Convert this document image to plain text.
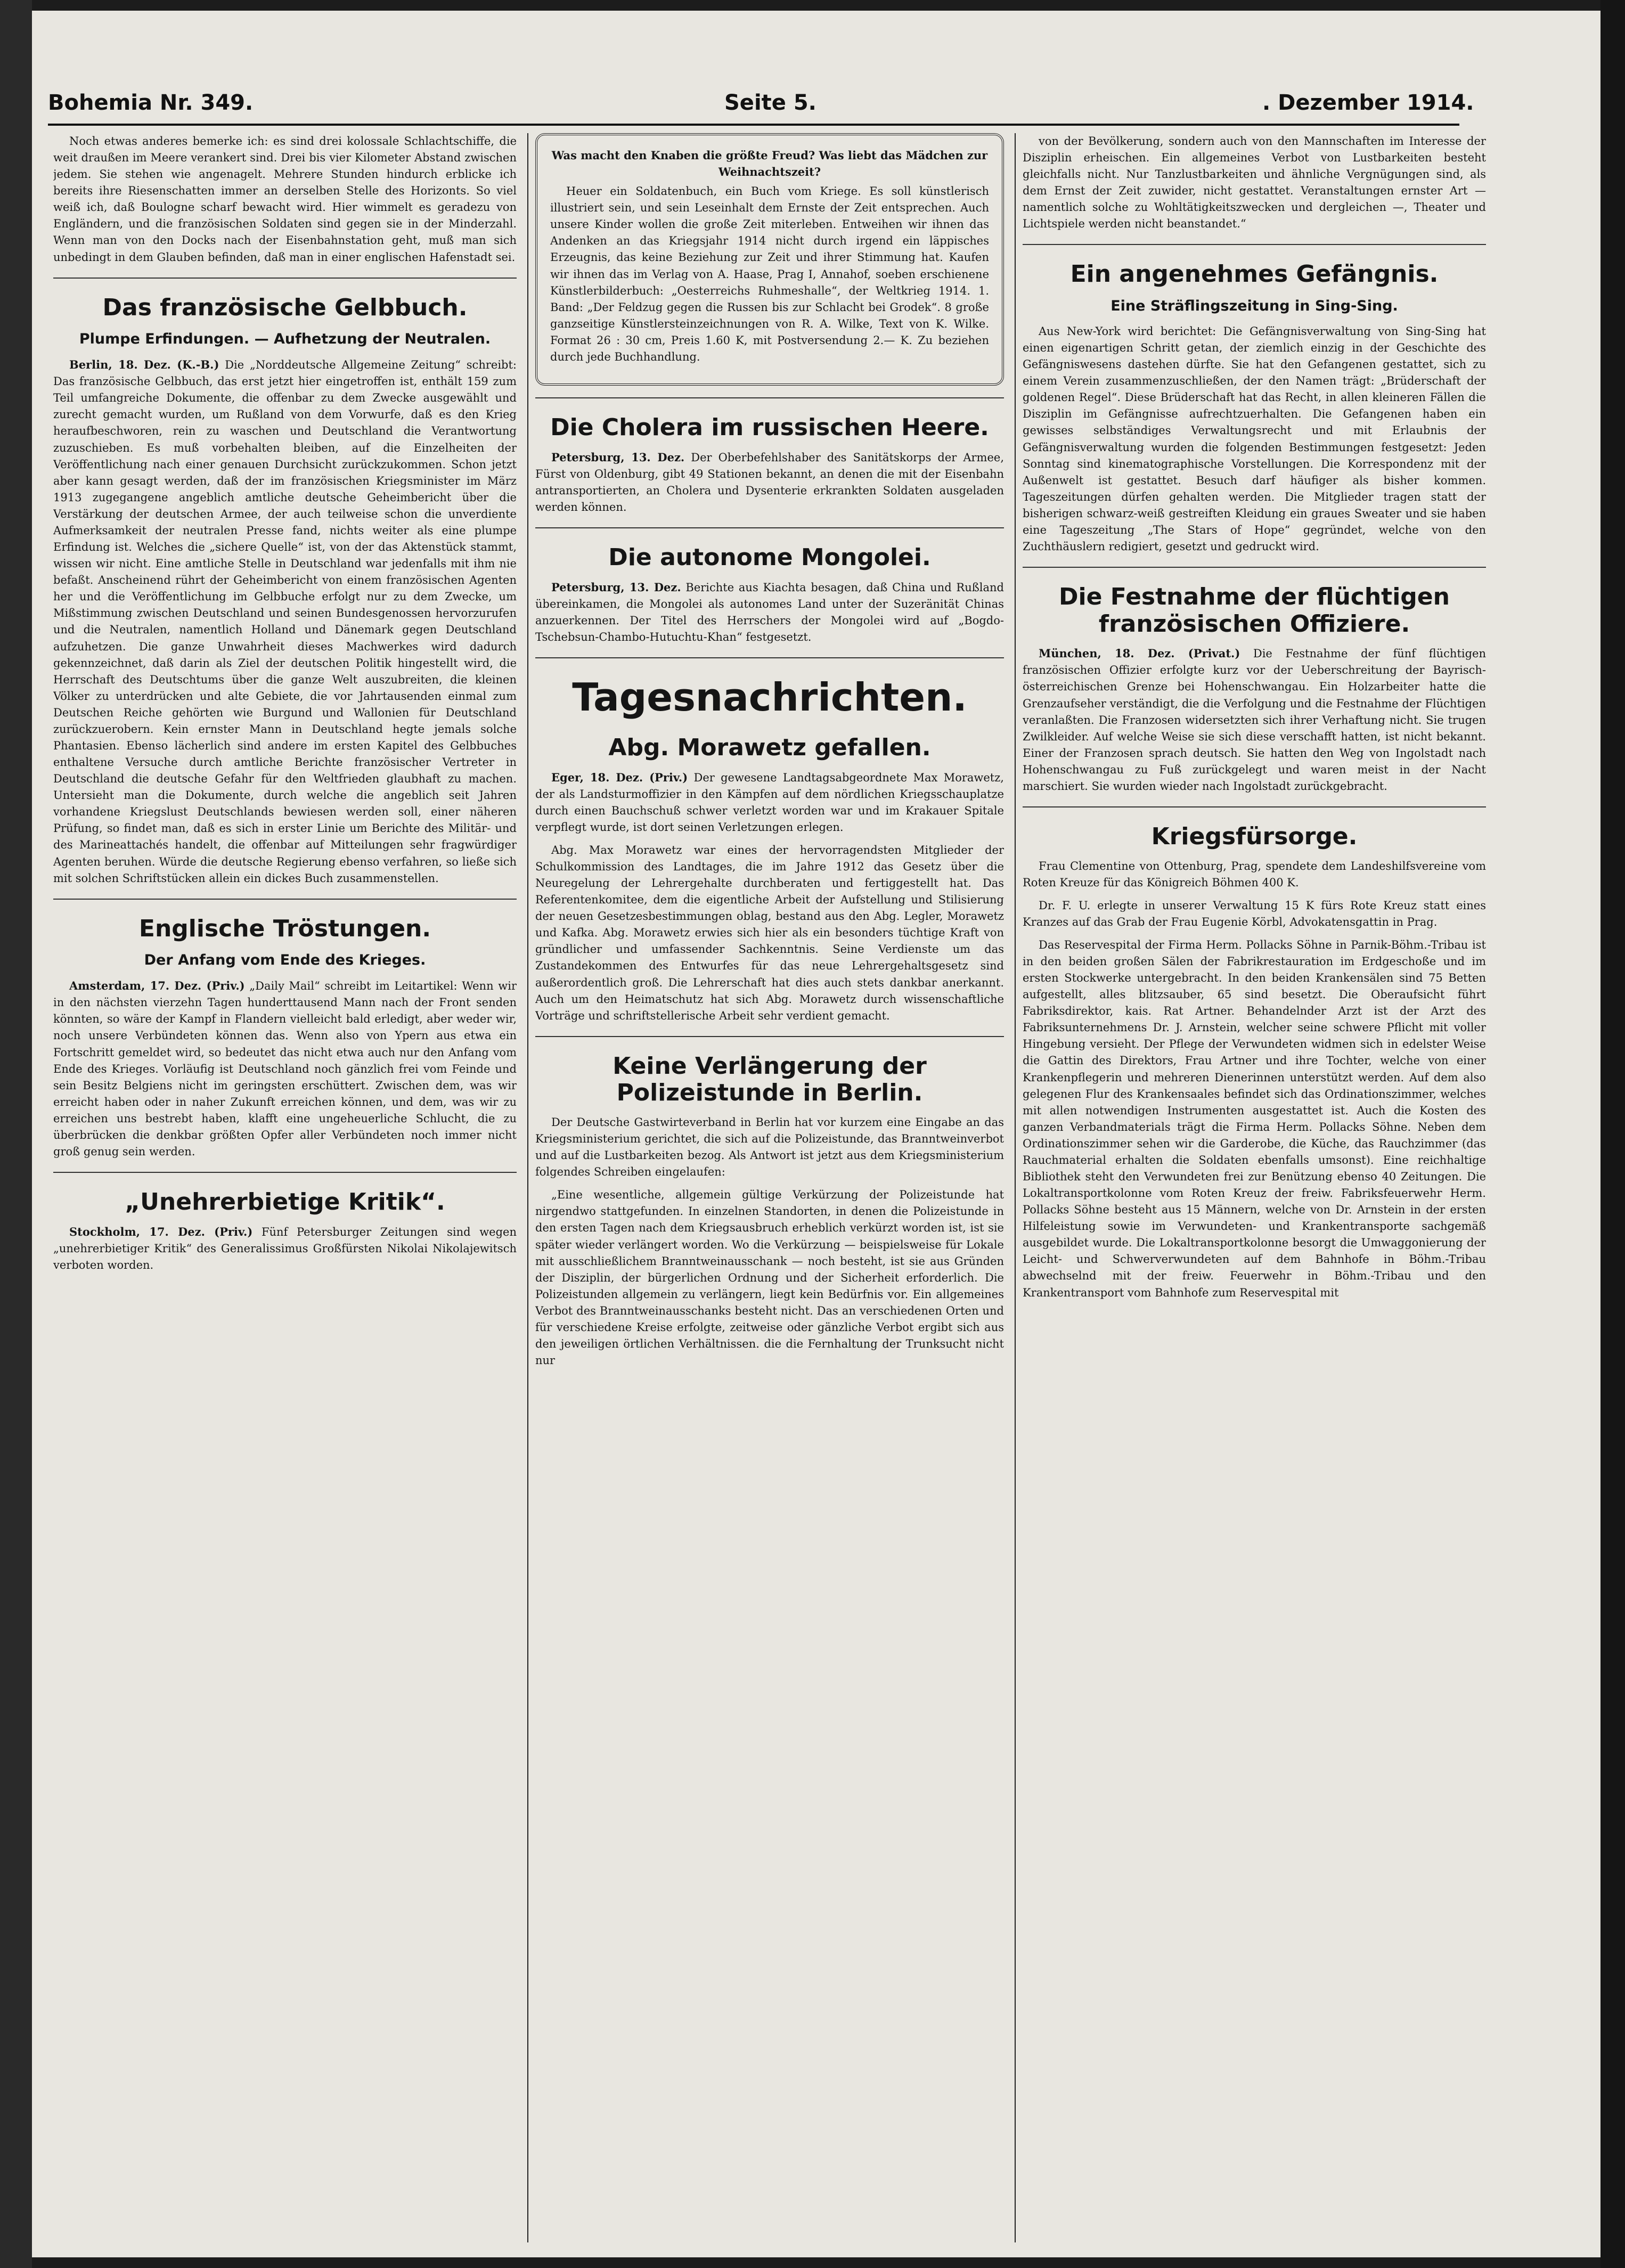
Bohemia Nr. 349.	Seite 5.	. Dezember 1914.

Noch etwas anderes bemerke ich: es sind drei kolossale Schlachtschiffe, die weit draußen im Meere verankert sind. Drei bis vier Kilometer Abstand zwischen jedem. Sie stehen wie angenagelt. Mehrere Stunden hindurch erblicke ich bereits ihre Riesenschatten immer an derselben Stelle des Horizonts. So viel weiß ich, daß Boulogne scharf bewacht wird. Hier wimmelt es geradezu von Engländern, und die französischen Soldaten sind gegen sie in der Minderzahl. Wenn man von den Docks nach der Eisenbahnstation geht, muß man sich unbedingt in dem Glauben befinden, daß man in einer englischen Hafenstadt sei.

Das französische Gelbbuch.
Plumpe Erfindungen. — Aufhetzung der Neutralen.

Berlin, 18. Dez. (K.-B.) Die „Norddeutsche Allgemeine Zeitung“ schreibt: Das französische Gelbbuch, das erst jetzt hier eingetroffen ist, enthält 159 zum Teil umfangreiche Dokumente, die offenbar zu dem Zwecke ausgewählt und zurecht gemacht wurden, um Rußland von dem Vorwurfe, daß es den Krieg heraufbeschworen, rein zu waschen und Deutschland die Verantwortung zuzuschieben. Es muß vorbehalten bleiben, auf die Einzelheiten der Veröffentlichung nach einer genauen Durchsicht zurückzukommen. Schon jetzt aber kann gesagt werden, daß der im französischen Kriegsminister im März 1913 zugegangene angeblich amtliche deutsche Geheimbericht über die Verstärkung der deutschen Armee, der auch teilweise schon die unverdiente Aufmerksamkeit der neutralen Presse fand, nichts weiter als eine plumpe Erfindung ist. Welches die „sichere Quelle“ ist, von der das Aktenstück stammt, wissen wir nicht. Eine amtliche Stelle in Deutschland war jedenfalls mit ihm nie befaßt. Anscheinend rührt der Geheimbericht von einem französischen Agenten her und die Veröffentlichung im Gelbbuche erfolgt nur zu dem Zwecke, um Mißstimmung zwischen Deutschland und seinen Bundesgenossen hervorzurufen und die Neutralen, namentlich Holland und Dänemark gegen Deutschland aufzuhetzen. Die ganze Unwahrheit dieses Machwerkes wird dadurch gekennzeichnet, daß darin als Ziel der deutschen Politik hingestellt wird, die Herrschaft des Deutschtums über die ganze Welt auszubreiten, die kleinen Völker zu unterdrücken und alte Gebiete, die vor Jahrtausenden einmal zum Deutschen Reiche gehörten wie Burgund und Wallonien für Deutschland zurückzuerobern. Kein ernster Mann in Deutschland hegte jemals solche Phantasien. Ebenso lächerlich sind andere im ersten Kapitel des Gelbbuches enthaltene Versuche durch amtliche Berichte französischer Vertreter in Deutschland die deutsche Gefahr für den Weltfrieden glaubhaft zu machen. Untersieht man die Dokumente, durch welche die angeblich seit Jahren vorhandene Kriegslust Deutschlands bewiesen werden soll, einer näheren Prüfung, so findet man, daß es sich in erster Linie um Berichte des Militär- und des Marineattachés handelt, die offenbar auf Mitteilungen sehr fragwürdiger Agenten beruhen. Würde die deutsche Regierung ebenso verfahren, so ließe sich mit solchen Schriftstücken allein ein dickes Buch zusammenstellen.

Englische Tröstungen.
Der Anfang vom Ende des Krieges.

Amsterdam, 17. Dez. (Priv.) „Daily Mail“ schreibt im Leitartikel: Wenn wir in den nächsten vierzehn Tagen hunderttausend Mann nach der Front senden könnten, so wäre der Kampf in Flandern vielleicht bald erledigt, aber weder wir, noch unsere Verbündeten können das. Wenn also von Ypern aus etwa ein Fortschritt gemeldet wird, so bedeutet das nicht etwa auch nur den Anfang vom Ende des Krieges. Vorläufig ist Deutschland noch gänzlich frei vom Feinde und sein Besitz Belgiens nicht im geringsten erschüttert. Zwischen dem, was wir erreicht haben oder in naher Zukunft erreichen können, und dem, was wir zu erreichen uns bestrebt haben, klafft eine ungeheuerliche Schlucht, die zu überbrücken die denkbar größten Opfer aller Verbündeten noch immer nicht groß genug sein werden.

„Unehrerbietige Kritik“.

Stockholm, 17. Dez. (Priv.) Fünf Petersburger Zeitungen sind wegen „unehrerbietiger Kritik“ des Generalissimus Großfürsten Nikolai Nikolajewitsch verboten worden.

Was macht den Knaben die größte Freud? Was liebt das Mädchen zur Weihnachtszeit?

Heuer ein Soldatenbuch, ein Buch vom Kriege. Es soll künstlerisch illustriert sein, und sein Leseinhalt dem Ernste der Zeit entsprechen. Auch unsere Kinder wollen die große Zeit miterleben. Entweihen wir ihnen das Andenken an das Kriegsjahr 1914 nicht durch irgend ein läppisches Erzeugnis, das keine Beziehung zur Zeit und ihrer Stimmung hat. Kaufen wir ihnen das im Verlag von A. Haase, Prag I, Annahof, soeben erschienene Künstlerbilderbuch: „Oesterreichs Ruhmeshalle“, der Weltkrieg 1914. 1. Band: „Der Feldzug gegen die Russen bis zur Schlacht bei Grodek“. 8 große ganzseitige Künstlersteinzeichnungen von R. A. Wilke, Text von K. Wilke. Format 26 : 30 cm, Preis 1.60 K, mit Postversendung 2.— K. Zu beziehen durch jede Buchhandlung.

Die Cholera im russischen Heere.

Petersburg, 13. Dez. Der Oberbefehlshaber des Sanitätskorps der Armee, Fürst von Oldenburg, gibt 49 Stationen bekannt, an denen die mit der Eisenbahn antransportierten, an Cholera und Dysenterie erkrankten Soldaten ausgeladen werden können.

Die autonome Mongolei.

Petersburg, 13. Dez. Berichte aus Kiachta besagen, daß China und Rußland übereinkamen, die Mongolei als autonomes Land unter der Suzeränität Chinas anzuerkennen. Der Titel des Herrschers der Mongolei wird auf „Bogdo-Tschebsun-Chambo-Hutuchtu-Khan“ festgesetzt.

Tagesnachrichten.
Abg. Morawetz gefallen.

Eger, 18. Dez. (Priv.) Der gewesene Landtagsabgeordnete Max Morawetz, der als Landsturmoffizier in den Kämpfen auf dem nördlichen Kriegsschauplatze durch einen Bauchschuß schwer verletzt worden war und im Krakauer Spitale verpflegt wurde, ist dort seinen Verletzungen erlegen.

Abg. Max Morawetz war eines der hervorragendsten Mitglieder der Schulkommission des Landtages, die im Jahre 1912 das Gesetz über die Neuregelung der Lehrergehalte durchberaten und fertiggestellt hat. Das Referentenkomitee, dem die eigentliche Arbeit der Aufstellung und Stilisierung der neuen Gesetzesbestimmungen oblag, bestand aus den Abg. Legler, Morawetz und Kafka. Abg. Morawetz erwies sich hier als ein besonders tüchtige Kraft von gründlicher und umfassender Sachkenntnis. Seine Verdienste um das Zustandekommen des Entwurfes für das neue Lehrergehaltsgesetz sind außerordentlich groß. Die Lehrerschaft hat dies auch stets dankbar anerkannt. Auch um den Heimatschutz hat sich Abg. Morawetz durch wissenschaftliche Vorträge und schriftstellerische Arbeit sehr verdient gemacht.

Keine Verlängerung der Polizeistunde in Berlin.

Der Deutsche Gastwirteverband in Berlin hat vor kurzem eine Eingabe an das Kriegsministerium gerichtet, die sich auf die Polizeistunde, das Branntweinverbot und auf die Lustbarkeiten bezog. Als Antwort ist jetzt aus dem Kriegsministerium folgendes Schreiben eingelaufen:

„Eine wesentliche, allgemein gültige Verkürzung der Polizeistunde hat nirgendwo stattgefunden. In einzelnen Standorten, in denen die Polizeistunde in den ersten Tagen nach dem Kriegsausbruch erheblich verkürzt worden ist, ist sie später wieder verlängert worden. Wo die Verkürzung — beispielsweise für Lokale mit ausschließlichem Branntweinausschank — noch besteht, ist sie aus Gründen der Disziplin, der bürgerlichen Ordnung und der Sicherheit erforderlich. Die Polizeistunden allgemein zu verlängern, liegt kein Bedürfnis vor. Ein allgemeines Verbot des Branntweinausschanks besteht nicht. Das an verschiedenen Orten und für verschiedene Kreise erfolgte, zeitweise oder gänzliche Verbot ergibt sich aus den jeweiligen örtlichen Verhältnissen. die die Fernhaltung der Trunksucht nicht nur

von der Bevölkerung, sondern auch von den Mannschaften im Interesse der Disziplin erheischen. Ein allgemeines Verbot von Lustbarkeiten besteht gleichfalls nicht. Nur Tanzlustbarkeiten und ähnliche Vergnügungen sind, als dem Ernst der Zeit zuwider, nicht gestattet. Veranstaltungen ernster Art — namentlich solche zu Wohltätigkeitszwecken und dergleichen —, Theater und Lichtspiele werden nicht beanstandet.“

Ein angenehmes Gefängnis.
Eine Sträflingszeitung in Sing-Sing.

Aus New-York wird berichtet: Die Gefängnisverwaltung von Sing-Sing hat einen eigenartigen Schritt getan, der ziemlich einzig in der Geschichte des Gefängniswesens dastehen dürfte. Sie hat den Gefangenen gestattet, sich zu einem Verein zusammenzuschließen, der den Namen trägt: „Brüderschaft der goldenen Regel“. Diese Brüderschaft hat das Recht, in allen kleineren Fällen die Disziplin im Gefängnisse aufrechtzuerhalten. Die Gefangenen haben ein gewisses selbständiges Verwaltungsrecht und mit Erlaubnis der Gefängnisverwaltung wurden die folgenden Bestimmungen festgesetzt: Jeden Sonntag sind kinematographische Vorstellungen. Die Korrespondenz mit der Außenwelt ist gestattet. Besuch darf häufiger als bisher kommen. Tageszeitungen dürfen gehalten werden. Die Mitglieder tragen statt der bisherigen schwarz-weiß gestreiften Kleidung ein graues Sweater und sie haben eine Tageszeitung „The Stars of Hope“ gegründet, welche von den Zuchthäuslern redigiert, gesetzt und gedruckt wird.

Die Festnahme der flüchtigen französischen Offiziere.

München, 18. Dez. (Privat.) Die Festnahme der fünf flüchtigen französischen Offizier erfolgte kurz vor der Ueberschreitung der Bayrisch-österreichischen Grenze bei Hohenschwangau. Ein Holzarbeiter hatte die Grenzaufseher verständigt, die die Verfolgung und die Festnahme der Flüchtigen veranlaßten. Die Franzosen widersetzten sich ihrer Verhaftung nicht. Sie trugen Zwilkleider. Auf welche Weise sie sich diese verschafft hatten, ist nicht bekannt. Einer der Franzosen sprach deutsch. Sie hatten den Weg von Ingolstadt nach Hohenschwangau zu Fuß zurückgelegt und waren meist in der Nacht marschiert. Sie wurden wieder nach Ingolstadt zurückgebracht.

Kriegsfürsorge.

Frau Clementine von Ottenburg, Prag, spendete dem Landeshilfsvereine vom Roten Kreuze für das Königreich Böhmen 400 K.

Dr. F. U. erlegte in unserer Verwaltung 15 K fürs Rote Kreuz statt eines Kranzes auf das Grab der Frau Eugenie Körbl, Advokatensgattin in Prag.

Das Reservespital der Firma Herm. Pollacks Söhne in Parnik-Böhm.-Tribau ist in den beiden großen Sälen der Fabrikrestauration im Erdgeschoße und im ersten Stockwerke untergebracht. In den beiden Krankensälen sind 75 Betten aufgestellt, alles blitzsauber, 65 sind besetzt. Die Oberaufsicht führt Fabriksdirektor, kais. Rat Artner. Behandelnder Arzt ist der Arzt des Fabriksunternehmens Dr. J. Arnstein, welcher seine schwere Pflicht mit voller Hingebung versieht. Der Pflege der Verwundeten widmen sich in edelster Weise die Gattin des Direktors, Frau Artner und ihre Tochter, welche von einer Krankenpflegerin und mehreren Dienerinnen unterstützt werden. Auf dem also gelegenen Flur des Krankensaales befindet sich das Ordinationszimmer, welches mit allen notwendigen Instrumenten ausgestattet ist. Auch die Kosten des ganzen Verbandmaterials trägt die Firma Herm. Pollacks Söhne. Neben dem Ordinationszimmer sehen wir die Garderobe, die Küche, das Rauchzimmer (das Rauchmaterial erhalten die Soldaten ebenfalls umsonst). Eine reichhaltige Bibliothek steht den Verwundeten frei zur Benützung ebenso 40 Zeitungen. Die Lokaltransportkolonne vom Roten Kreuz der freiw. Fabriksfeuerwehr Herm. Pollacks Söhne besteht aus 15 Männern, welche von Dr. Arnstein in der ersten Hilfeleistung sowie im Verwundeten- und Krankentransporte sachgemäß ausgebildet wurde. Die Lokaltransportkolonne besorgt die Umwaggonierung der Leicht- und Schwerverwundeten auf dem Bahnhofe in Böhm.-Tribau abwechselnd mit der freiw. Feuerwehr in Böhm.-Tribau und den Krankentransport vom Bahnhofe zum Reservespital mit
